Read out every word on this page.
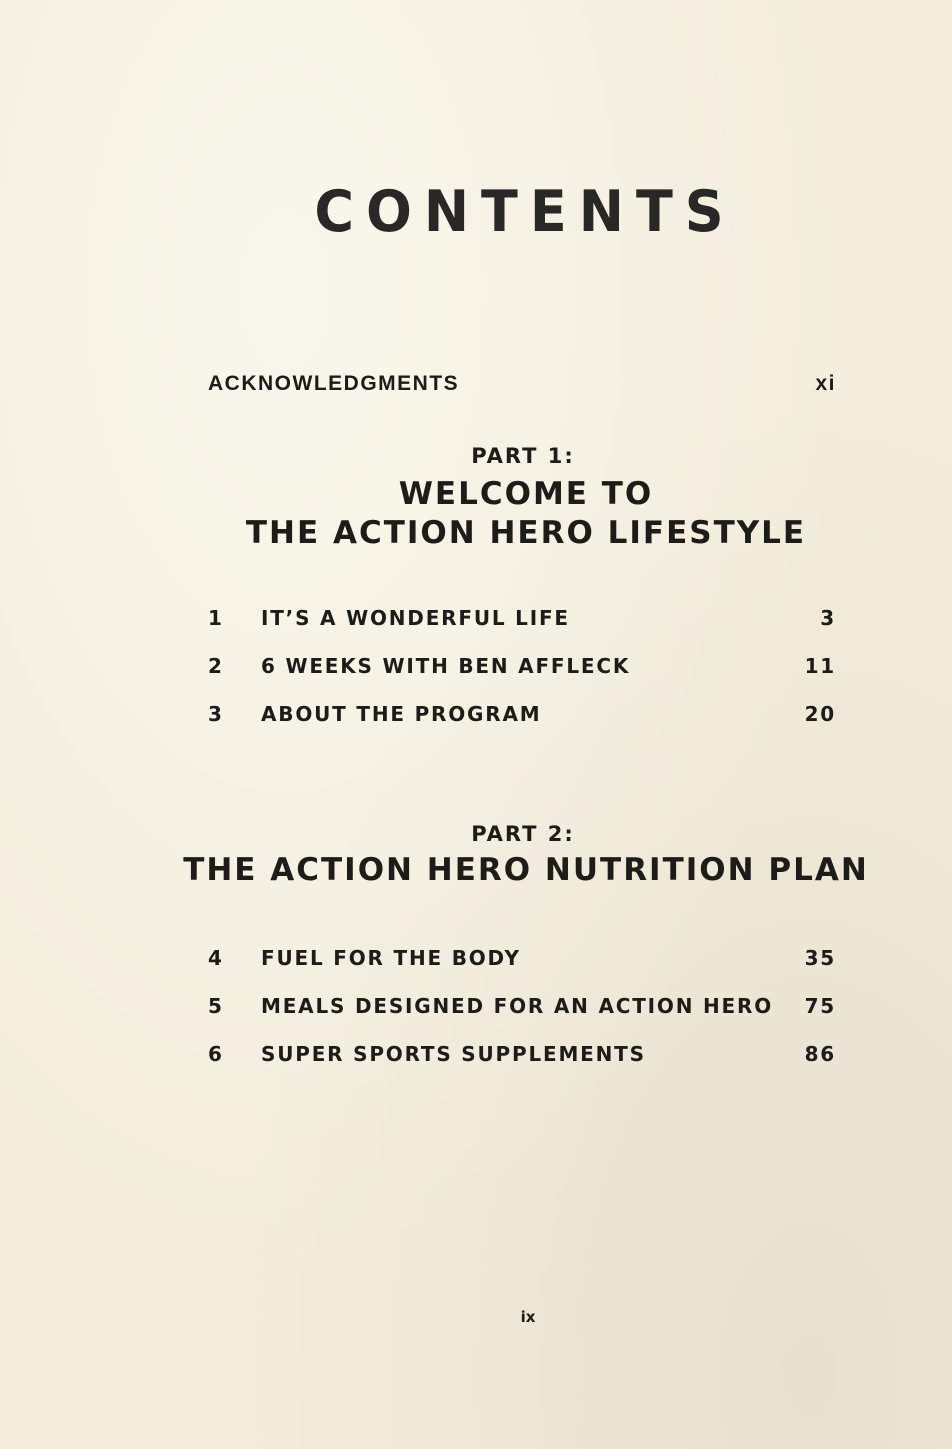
CONTENTS
ACKNOWLEDGMENTS	xi
PART 1:
WELCOME TO
THE ACTION HERO LIFESTYLE
1	IT’S A WONDERFUL LIFE	3
2	6 WEEKS WITH BEN AFFLECK	11
3	ABOUT THE PROGRAM	20
PART 2:
THE ACTION HERO NUTRITION PLAN
4	FUEL FOR THE BODY	35
5	MEALS DESIGNED FOR AN ACTION HERO	75
6	SUPER SPORTS SUPPLEMENTS	86
ix
